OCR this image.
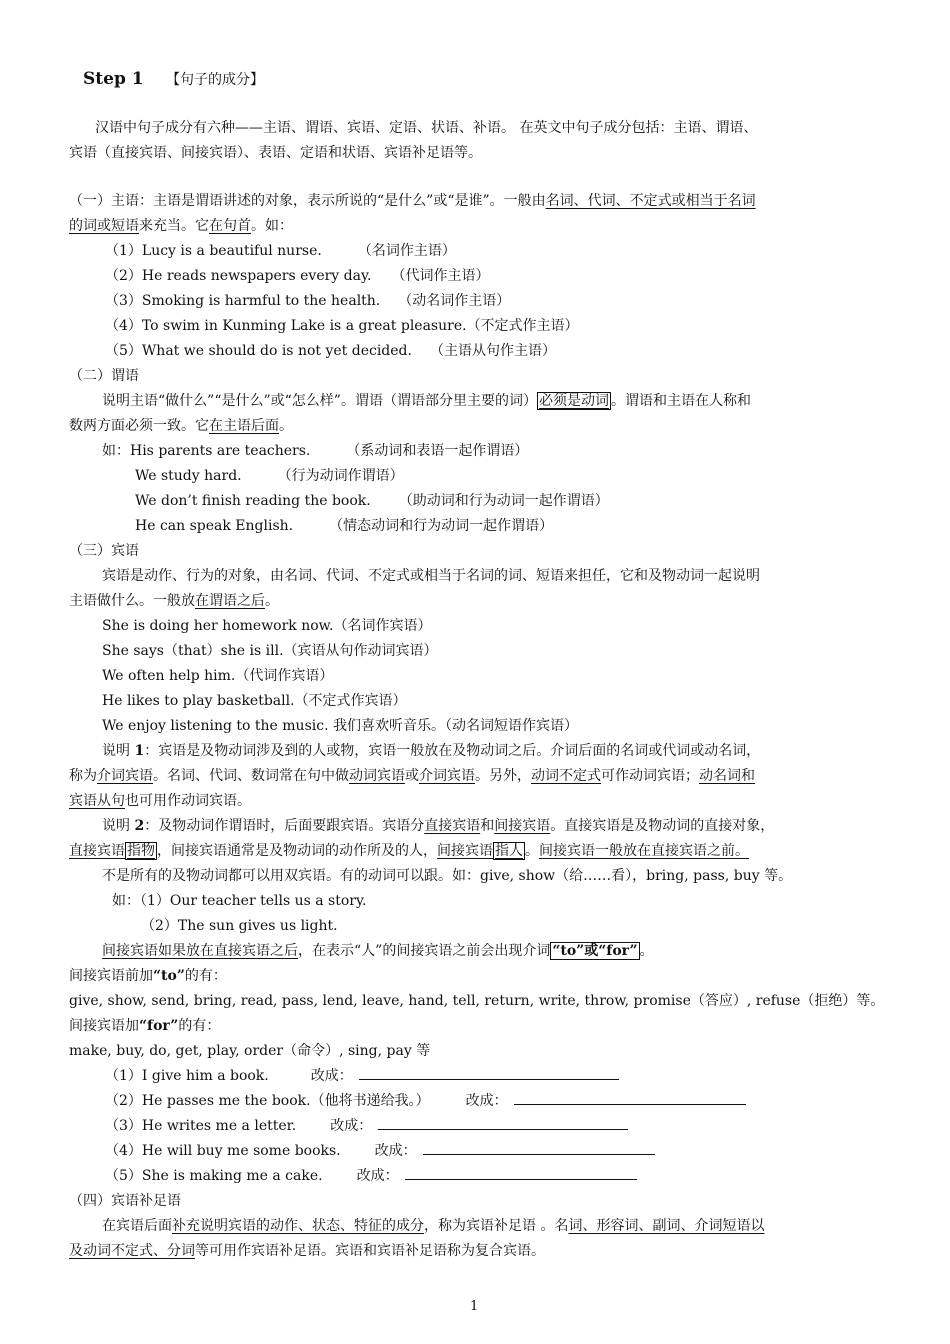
Step 1 【句子的成分】
汉语中句子成分有六种——主语、谓语、宾语、定语、状语、补语。 在英文中句子成分包括：主语、谓语、
宾语（直接宾语、间接宾语）、表语、定语和状语、宾语补足语等。
（一）主语：主语是谓语讲述的对象，表示所说的“是什么”或“是谁”。一般由名词、代词、不定式或相当于名词
的词或短语来充当。它在句首。如：
（1）Lucy is a beautiful nurse.	（名词作主语）
（2）He reads newspapers every day. （代词作主语）
（3）Smoking is harmful to the health. （动名词作主语）
（4）To swim in Kunming Lake is a great pleasure.（不定式作主语）
（5）What we should do is not yet decided. （主语从句作主语）
（二）谓语
说明主语“做什么”“是什么”或“怎么样”。谓语（谓语部分里主要的词） 必须是动词 。谓语和主语在人称和
数两方面必须一致。它在主语后面。
如：His parents are teachers.	（系动词和表语一起作谓语）
We study hard.	（行为动词作谓语）
We don’t finish reading the book. （助动词和行为动词一起作谓语）
He can speak English.	（情态动词和行为动词一起作谓语）
（三）宾语
宾语是动作、行为的对象，由名词、代词、不定式或相当于名词的词、短语来担任，它和及物动词一起说明
主语做什么。一般放在谓语之后。
She is doing her homework now.（名词作宾语）
She says（that）she is ill.（宾语从句作动词宾语）
We often help him.（代词作宾语）
He likes to play basketball.（不定式作宾语）
We enjoy listening to the music. 我们喜欢听音乐。（动名词短语作宾语）
说明 1：宾语是及物动词涉及到的人或物，宾语一般放在及物动词之后。介词后面的名词或代词或动名词，
称为介词宾语。名词、代词、数词常在句中做动词宾语或介词宾语。另外，动词不定式可作动词宾语；动名词和
宾语从句也可用作动词宾语。
说明 2：及物动词作谓语时，后面要跟宾语。宾语分直接宾语和间接宾语。直接宾语是及物动词的直接对象，
直接宾语 指物 ，间接宾语通常是及物动词的动作所及的人，间接宾语 指人 。间接宾语一般放在直接宾语之前。
不是所有的及物动词都可以用双宾语。有的动词可以跟。如：give, show（给……看），bring, pass, buy 等。
如：（1）Our teacher tells us a story.
（2）The sun gives us light.
间接宾语如果放在直接宾语之后，在表示“人”的间接宾语之前会出现介词 “to”或“for” 。
间接宾语前加“to”的有：
give, show, send, bring, read, pass, lend, leave, hand, tell, return, write, throw, promise（答应）, refuse（拒绝）等。
间接宾语加“for”的有：
make, buy, do, get, play, order（命令）, sing, pay 等
（1）I give him a book.	改成：
（2）He passes me the book.（他将书递给我。）	改成：
（3）He writes me a letter. 改成：
（4）He will buy me some books. 改成：
（5）She is making me a cake. 改成：
（四）宾语补足语
在宾语后面补充说明宾语的动作、状态、特征的成分，称为宾语补足语 。名词、形容词、副词、介词短语以
及动词不定式、分词等可用作宾语补足语。宾语和宾语补足语称为复合宾语。
1
